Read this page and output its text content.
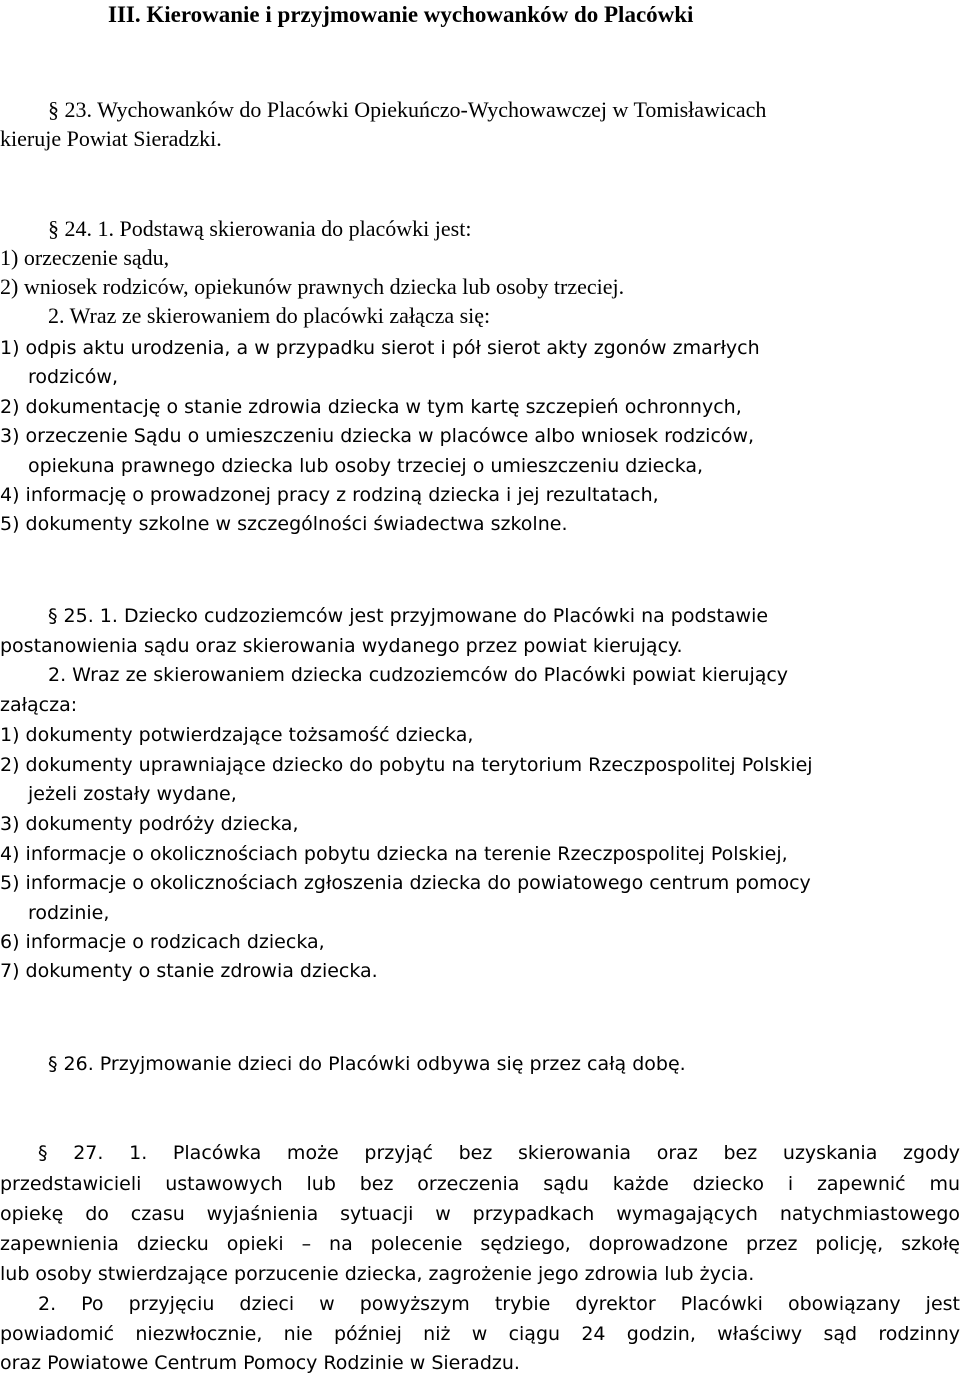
III. Kierowanie i przyjmowanie wychowanków do Placówki

§ 23. Wychowanków do Placówki Opiekuńczo-Wychowawczej w Tomisławicach

kieruje Powiat Sieradzki.

§ 24. 1. Podstawą skierowania do placówki jest:

1) orzeczenie sądu,

2) wniosek rodziców, opiekunów prawnych dziecka lub osoby trzeciej.

2. Wraz ze skierowaniem do placówki załącza się:

1) odpis aktu urodzenia, a w przypadku sierot i pół sierot akty zgonów zmarłych

rodziców,

2) dokumentację o stanie zdrowia dziecka w tym kartę szczepień ochronnych,

3) orzeczenie Sądu o umieszczeniu dziecka w placówce albo wniosek rodziców,

opiekuna prawnego dziecka lub osoby trzeciej o umieszczeniu dziecka,

4) informację o prowadzonej pracy z rodziną dziecka i jej rezultatach,

5) dokumenty szkolne w szczególności świadectwa szkolne.

§ 25. 1. Dziecko cudzoziemców jest przyjmowane do Placówki na podstawie

postanowienia sądu oraz skierowania wydanego przez powiat kierujący.

2. Wraz ze skierowaniem dziecka cudzoziemców do Placówki powiat kierujący

załącza:

1) dokumenty potwierdzające tożsamość dziecka,

2) dokumenty uprawniające dziecko do pobytu na terytorium Rzeczpospolitej Polskiej

jeżeli zostały wydane,

3) dokumenty podróży dziecka,

4) informacje o okolicznościach pobytu dziecka na terenie Rzeczpospolitej Polskiej,

5) informacje o okolicznościach zgłoszenia dziecka do powiatowego centrum pomocy

rodzinie,

6) informacje o rodzicach dziecka,

7) dokumenty o stanie zdrowia dziecka.

§ 26. Przyjmowanie dzieci do Placówki odbywa się przez całą dobę.

§ 27. 1. Placówka może przyjąć bez skierowania oraz bez uzyskania zgody

przedstawicieli ustawowych lub bez orzeczenia sądu każde dziecko i zapewnić mu

opiekę do czasu wyjaśnienia sytuacji w przypadkach wymagających natychmiastowego

zapewnienia dziecku opieki – na polecenie sędziego, doprowadzone przez policję, szkołę

lub osoby stwierdzające porzucenie dziecka, zagrożenie jego zdrowia lub życia.

2. Po przyjęciu dzieci w powyższym trybie dyrektor Placówki obowiązany jest

powiadomić niezwłocznie, nie później niż w ciągu 24 godzin, właściwy sąd rodzinny

oraz Powiatowe Centrum Pomocy Rodzinie w Sieradzu.
